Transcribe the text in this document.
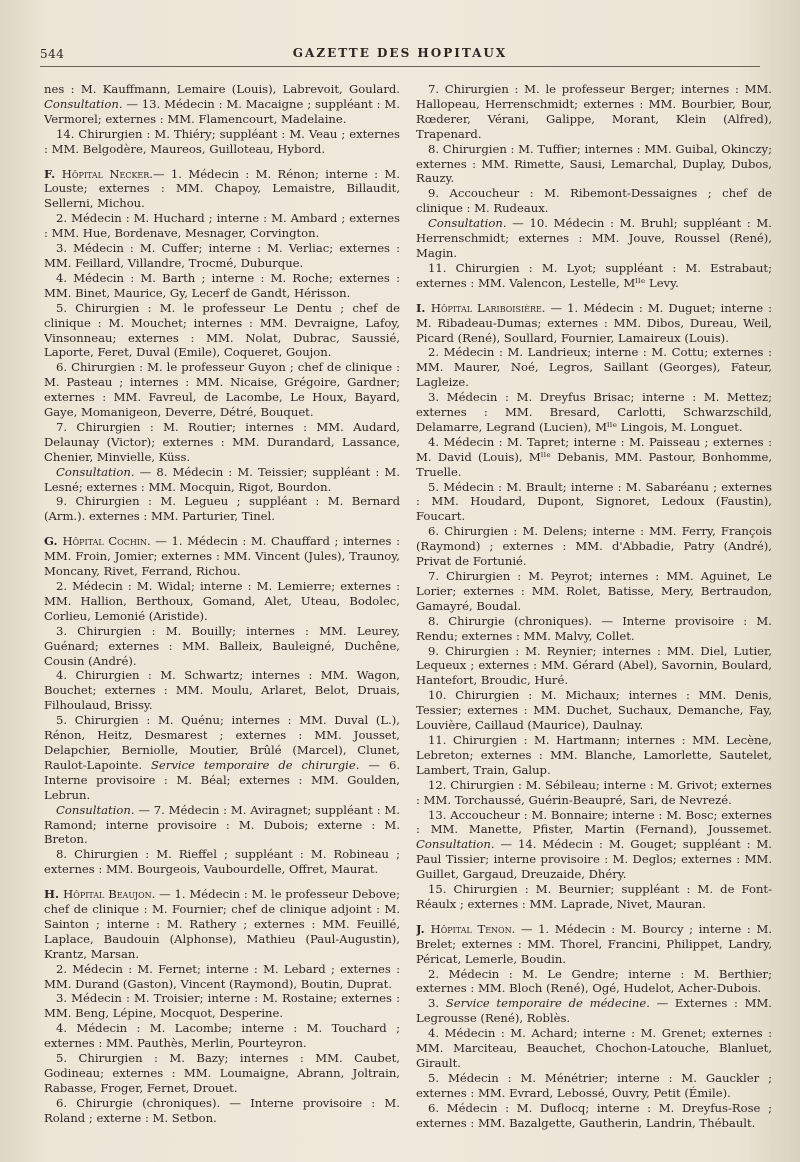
544	GAZETTE DES HOPITAUX

nes : M. Kauffmann, Lemaire (Louis), Labrevoit, Goulard. Consultation. — 13. Médecin : M. Macaigne ; suppléant : M. Vermorel; externes : MM. Flamencourt, Madelaine.

14. Chirurgien : M. Thiéry; suppléant : M. Veau ; externes : MM. Belgodère, Maureos, Guilloteau, Hybord.

F. Hôpital Necker.— 1. Médecin : M. Rénon; interne : M. Louste; externes : MM. Chapoy, Lemaistre, Billaudit, Sellerni, Michou.

2. Médecin : M. Huchard ; interne : M. Ambard ; externes : MM. Hue, Bordenave, Mesnager, Corvington.

3. Médecin : M. Cuffer; interne : M. Verliac; externes : MM. Feillard, Villandre, Trocmé, Duburque.

4. Médecin : M. Barth ; interne : M. Roche; externes : MM. Binet, Maurice, Gy, Lecerf de Gandt, Hérisson.

5. Chirurgien : M. le professeur Le Dentu ; chef de clinique : M. Mouchet; internes : MM. Devraigne, Lafoy, Vinsonneau; externes : MM. Nolat, Dubrac, Saussié, Laporte, Feret, Duval (Emile), Coqueret, Goujon.

6. Chirurgien : M. le professeur Guyon ; chef de clinique : M. Pasteau ; internes : MM. Nicaise, Grégoire, Gardner; externes : MM. Favreul, de Lacombe, Le Houx, Bayard, Gaye, Momanigeon, Deverre, Détré, Bouquet.

7. Chirurgien : M. Routier; internes : MM. Audard, Delaunay (Victor); externes : MM. Durandard, Lassance, Chenier, Minvielle, Küss.

Consultation. — 8. Médecin : M. Teissier; suppléant : M. Lesné; externes : MM. Mocquin, Rigot, Bourdon.

9. Chirurgien : M. Legueu ; suppléant : M. Bernard (Arm.). externes : MM. Parturier, Tinel.

G. Hôpital Cochin. — 1. Médecin : M. Chauffard ; internes : MM. Froin, Jomier; externes : MM. Vincent (Jules), Traunoy, Moncany, Rivet, Ferrand, Richou.

2. Médecin : M. Widal; interne : M. Lemierre; externes : MM. Hallion, Berthoux, Gomand, Alet, Uteau, Bodolec, Corlieu, Lemonié (Aristide).

3. Chirurgien : M. Bouilly; internes : MM. Leurey, Guénard; externes : MM. Balleix, Bauleigné, Duchêne, Cousin (André).

4. Chirurgien : M. Schwartz; internes : MM. Wagon, Bouchet; externes : MM. Moulu, Arlaret, Belot, Druais, Filhoulaud, Brissy.

5. Chirurgien : M. Quénu; internes : MM. Duval (L.), Rénon, Heitz, Desmarest ; externes : MM. Jousset, Delapchier, Berniolle, Moutier, Brûlé (Marcel), Clunet, Raulot-Lapointe. Service temporaire de chirurgie. — 6. Interne provisoire : M. Béal; externes : MM. Goulden, Lebrun.

Consultation. — 7. Médecin : M. Aviragnet; suppléant : M. Ramond; interne provisoire : M. Dubois; externe : M. Breton.

8. Chirurgien : M. Rieffel ; suppléant : M. Robineau ; externes : MM. Bourgeois, Vaubourdelle, Offret, Maurat.

H. Hôpital Beaujon. — 1. Médecin : M. le professeur Debove; chef de clinique : M. Fournier; chef de clinique adjoint : M. Sainton ; interne : M. Rathery ; externes : MM. Feuillé, Laplace, Baudouin (Alphonse), Mathieu (Paul-Augustin), Krantz, Marsan.

2. Médecin : M. Fernet; interne : M. Lebard ; externes : MM. Durand (Gaston), Vincent (Raymond), Boutin, Duprat.

3. Médecin : M. Troisier; interne : M. Rostaine; externes : MM. Beng, Lépine, Mocquot, Desperine.

4. Médecin : M. Lacombe; interne : M. Touchard ; externes : MM. Pauthès, Merlin, Pourteyron.

5. Chirurgien : M. Bazy; internes : MM. Caubet, Godineau; externes : MM. Loumaigne, Abrann, Joltrain, Rabasse, Froger, Fernet, Drouet.

6. Chirurgie (chroniques). — Interne provisoire : M. Roland ; externe : M. Setbon.

7. Chirurgien : M. le professeur Berger; internes : MM. Hallopeau, Herrenschmidt; externes : MM. Bourbier, Bour, Rœderer, Vérani, Galippe, Morant, Klein (Alfred), Trapenard.

8. Chirurgien : M. Tuffier; internes : MM. Guibal, Okinczy; externes : MM. Rimette, Sausi, Lemarchal, Duplay, Dubos, Rauzy.

9. Accoucheur : M. Ribemont-Dessaignes ; chef de clinique : M. Rudeaux.

Consultation. — 10. Médecin : M. Bruhl; suppléant : M. Herrenschmidt; externes : MM. Jouve, Roussel (René), Magin.

11. Chirurgien : M. Lyot; suppléant : M. Estrabaut; externes : MM. Valencon, Lestelle, Mˡˡᵉ Levy.

I. Hôpital Lariboisière. — 1. Médecin : M. Duguet; interne : M. Ribadeau-Dumas; externes : MM. Dibos, Dureau, Weil, Picard (René), Soullard, Fournier, Lamaireux (Louis).

2. Médecin : M. Landrieux; interne : M. Cottu; externes : MM. Maurer, Noé, Legros, Saillant (Georges), Fateur, Lagleize.

3. Médecin : M. Dreyfus Brisac; interne : M. Mettez; externes : MM. Bresard, Carlotti, Schwarzschild, Delamarre, Legrand (Lucien), Mˡˡᵉ Lingois, M. Longuet.

4. Médecin : M. Tapret; interne : M. Paisseau ; externes : M. David (Louis), Mˡˡᵉ Debanis, MM. Pastour, Bonhomme, Truelle.

5. Médecin : M. Brault; interne : M. Sabaréanu ; externes : MM. Houdard, Dupont, Signoret, Ledoux (Faustin), Foucart.

6. Chirurgien : M. Delens; interne : MM. Ferry, François (Raymond) ; externes : MM. d'Abbadie, Patry (André), Privat de Fortunié.

7. Chirurgien : M. Peyrot; internes : MM. Aguinet, Le Lorier; externes : MM. Rolet, Batisse, Mery, Bertraudon, Gamayré, Boudal.

8. Chirurgie (chroniques). — Interne provisoire : M. Rendu; externes : MM. Malvy, Collet.

9. Chirurgien : M. Reynier; internes : MM. Diel, Lutier, Lequeux ; externes : MM. Gérard (Abel), Savornin, Boulard, Hantefort, Broudic, Huré.

10. Chirurgien : M. Michaux; internes : MM. Denis, Tessier; externes : MM. Duchet, Suchaux, Demanche, Fay, Louvière, Caillaud (Maurice), Daulnay.

11. Chirurgien : M. Hartmann; internes : MM. Lecène, Lebreton; externes : MM. Blanche, Lamorlette, Sautelet, Lambert, Train, Galup.

12. Chirurgien : M. Sébileau; interne : M. Grivot; externes : MM. Torchaussé, Guérin-Beaupré, Sari, de Nevrezé.

13. Accoucheur : M. Bonnaire; interne : M. Bosc; externes : MM. Manette, Pfister, Martin (Fernand), Joussemet. Consultation. — 14. Médecin : M. Gouget; suppléant : M. Paul Tissier; interne provisoire : M. Deglos; externes : MM. Guillet, Gargaud, Dreuzaide, Dhéry.

15. Chirurgien : M. Beurnier; suppléant : M. de Font-Réaulx ; externes : MM. Laprade, Nivet, Mauran.

J. Hôpital Tenon. — 1. Médecin : M. Bourcy ; interne : M. Brelet; externes : MM. Thorel, Francini, Philippet, Landry, Péricat, Lemerle, Boudin.

2. Médecin : M. Le Gendre; interne : M. Berthier; externes : MM. Bloch (René), Ogé, Hudelot, Acher-Dubois.

3. Service temporaire de médecine. — Externes : MM. Legrousse (René), Roblès.

4. Médecin : M. Achard; interne : M. Grenet; externes : MM. Marciteau, Beauchet, Chochon-Latouche, Blanluet, Girault.

5. Médecin : M. Ménétrier; interne : M. Gauckler ; externes : MM. Evrard, Lebossé, Ouvry, Petit (Émile).

6. Médecin : M. Duflocq; interne : M. Dreyfus-Rose ; externes : MM. Bazalgette, Gautherin, Landrin, Thébault.
